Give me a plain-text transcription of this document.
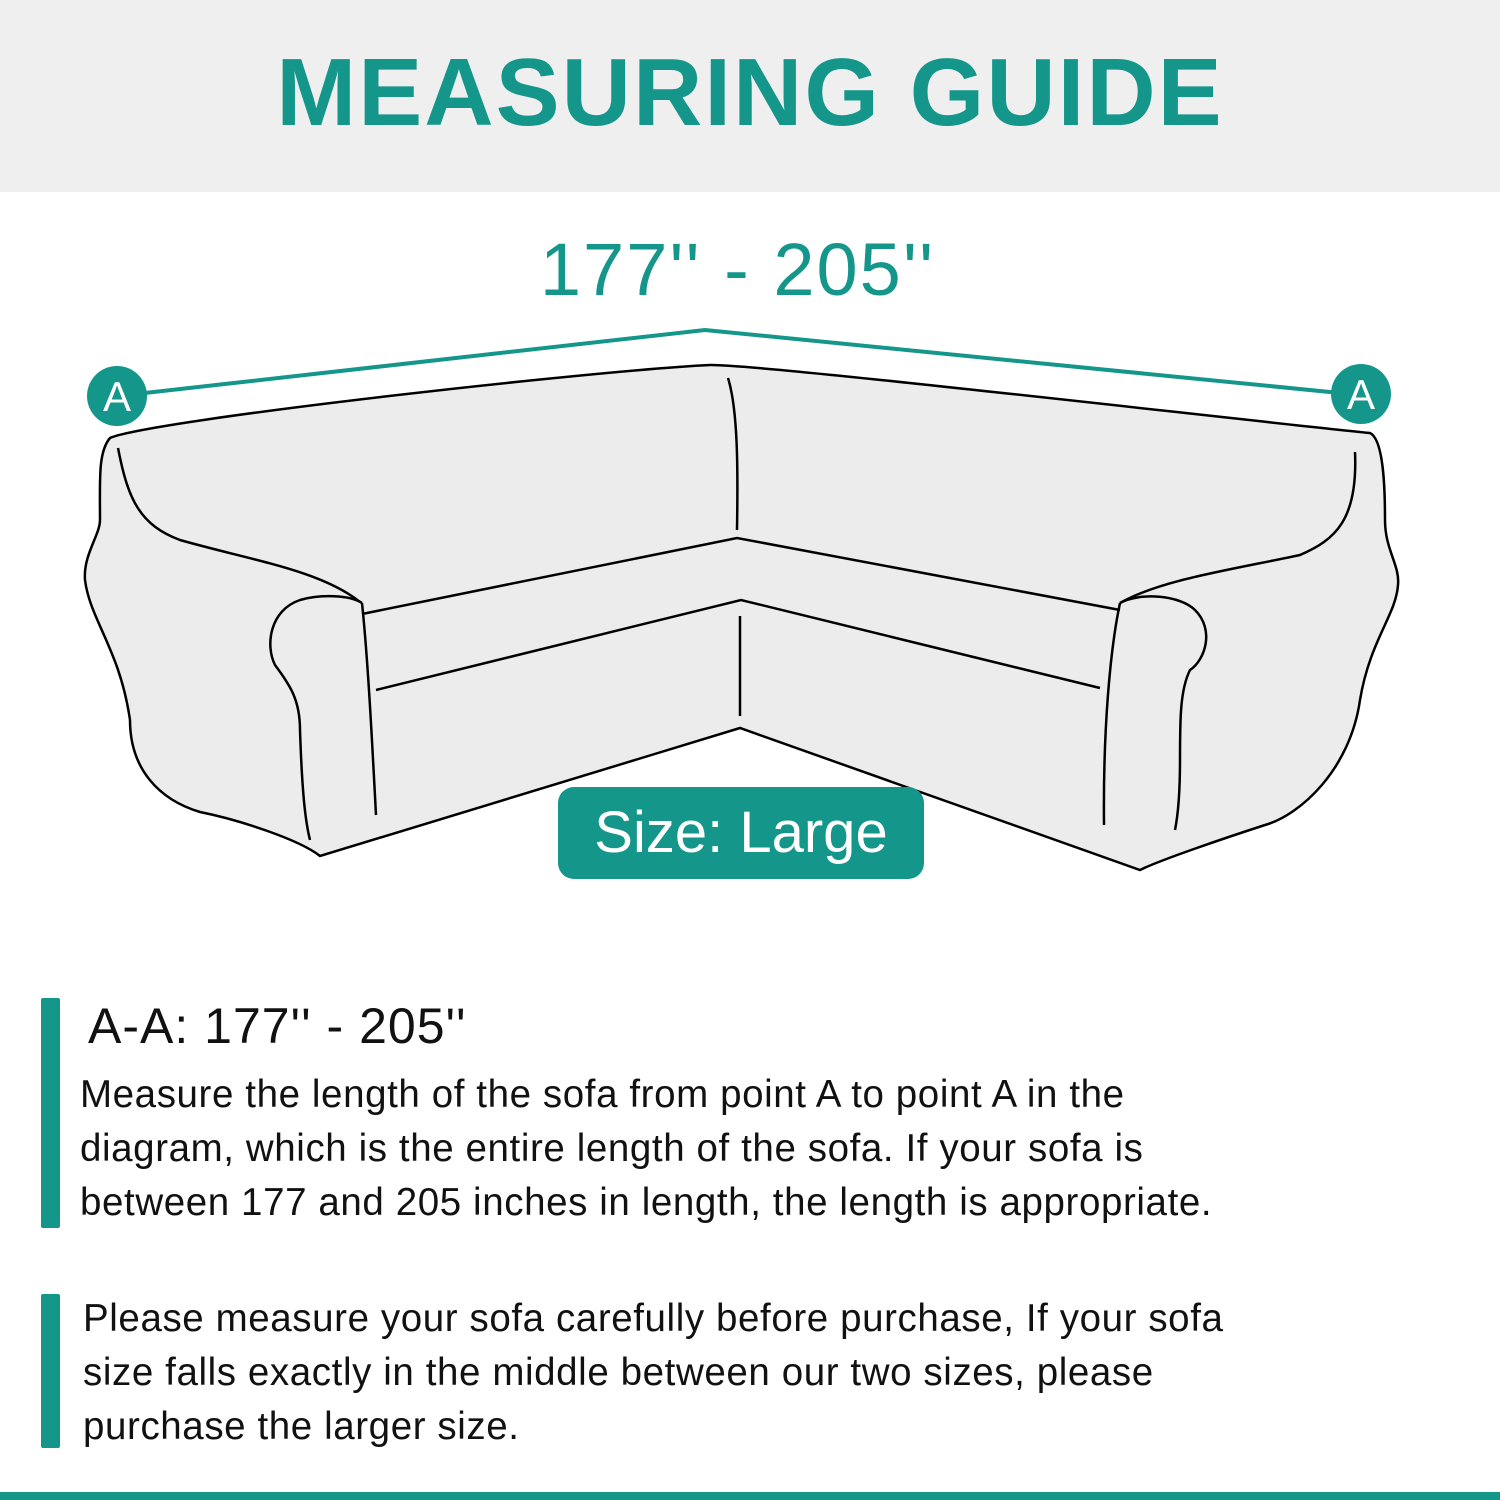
MEASURING GUIDE
177'' - 205''
A	A
Size: Large
A-A: 177'' - 205''
Measure the length of the sofa from point A to point A in the
diagram, which is the entire length of the sofa. If your sofa is
between 177 and 205 inches in length, the length is appropriate.
Please measure your sofa carefully before purchase, If your sofa
size falls exactly in the middle between our two sizes, please
purchase the larger size.
